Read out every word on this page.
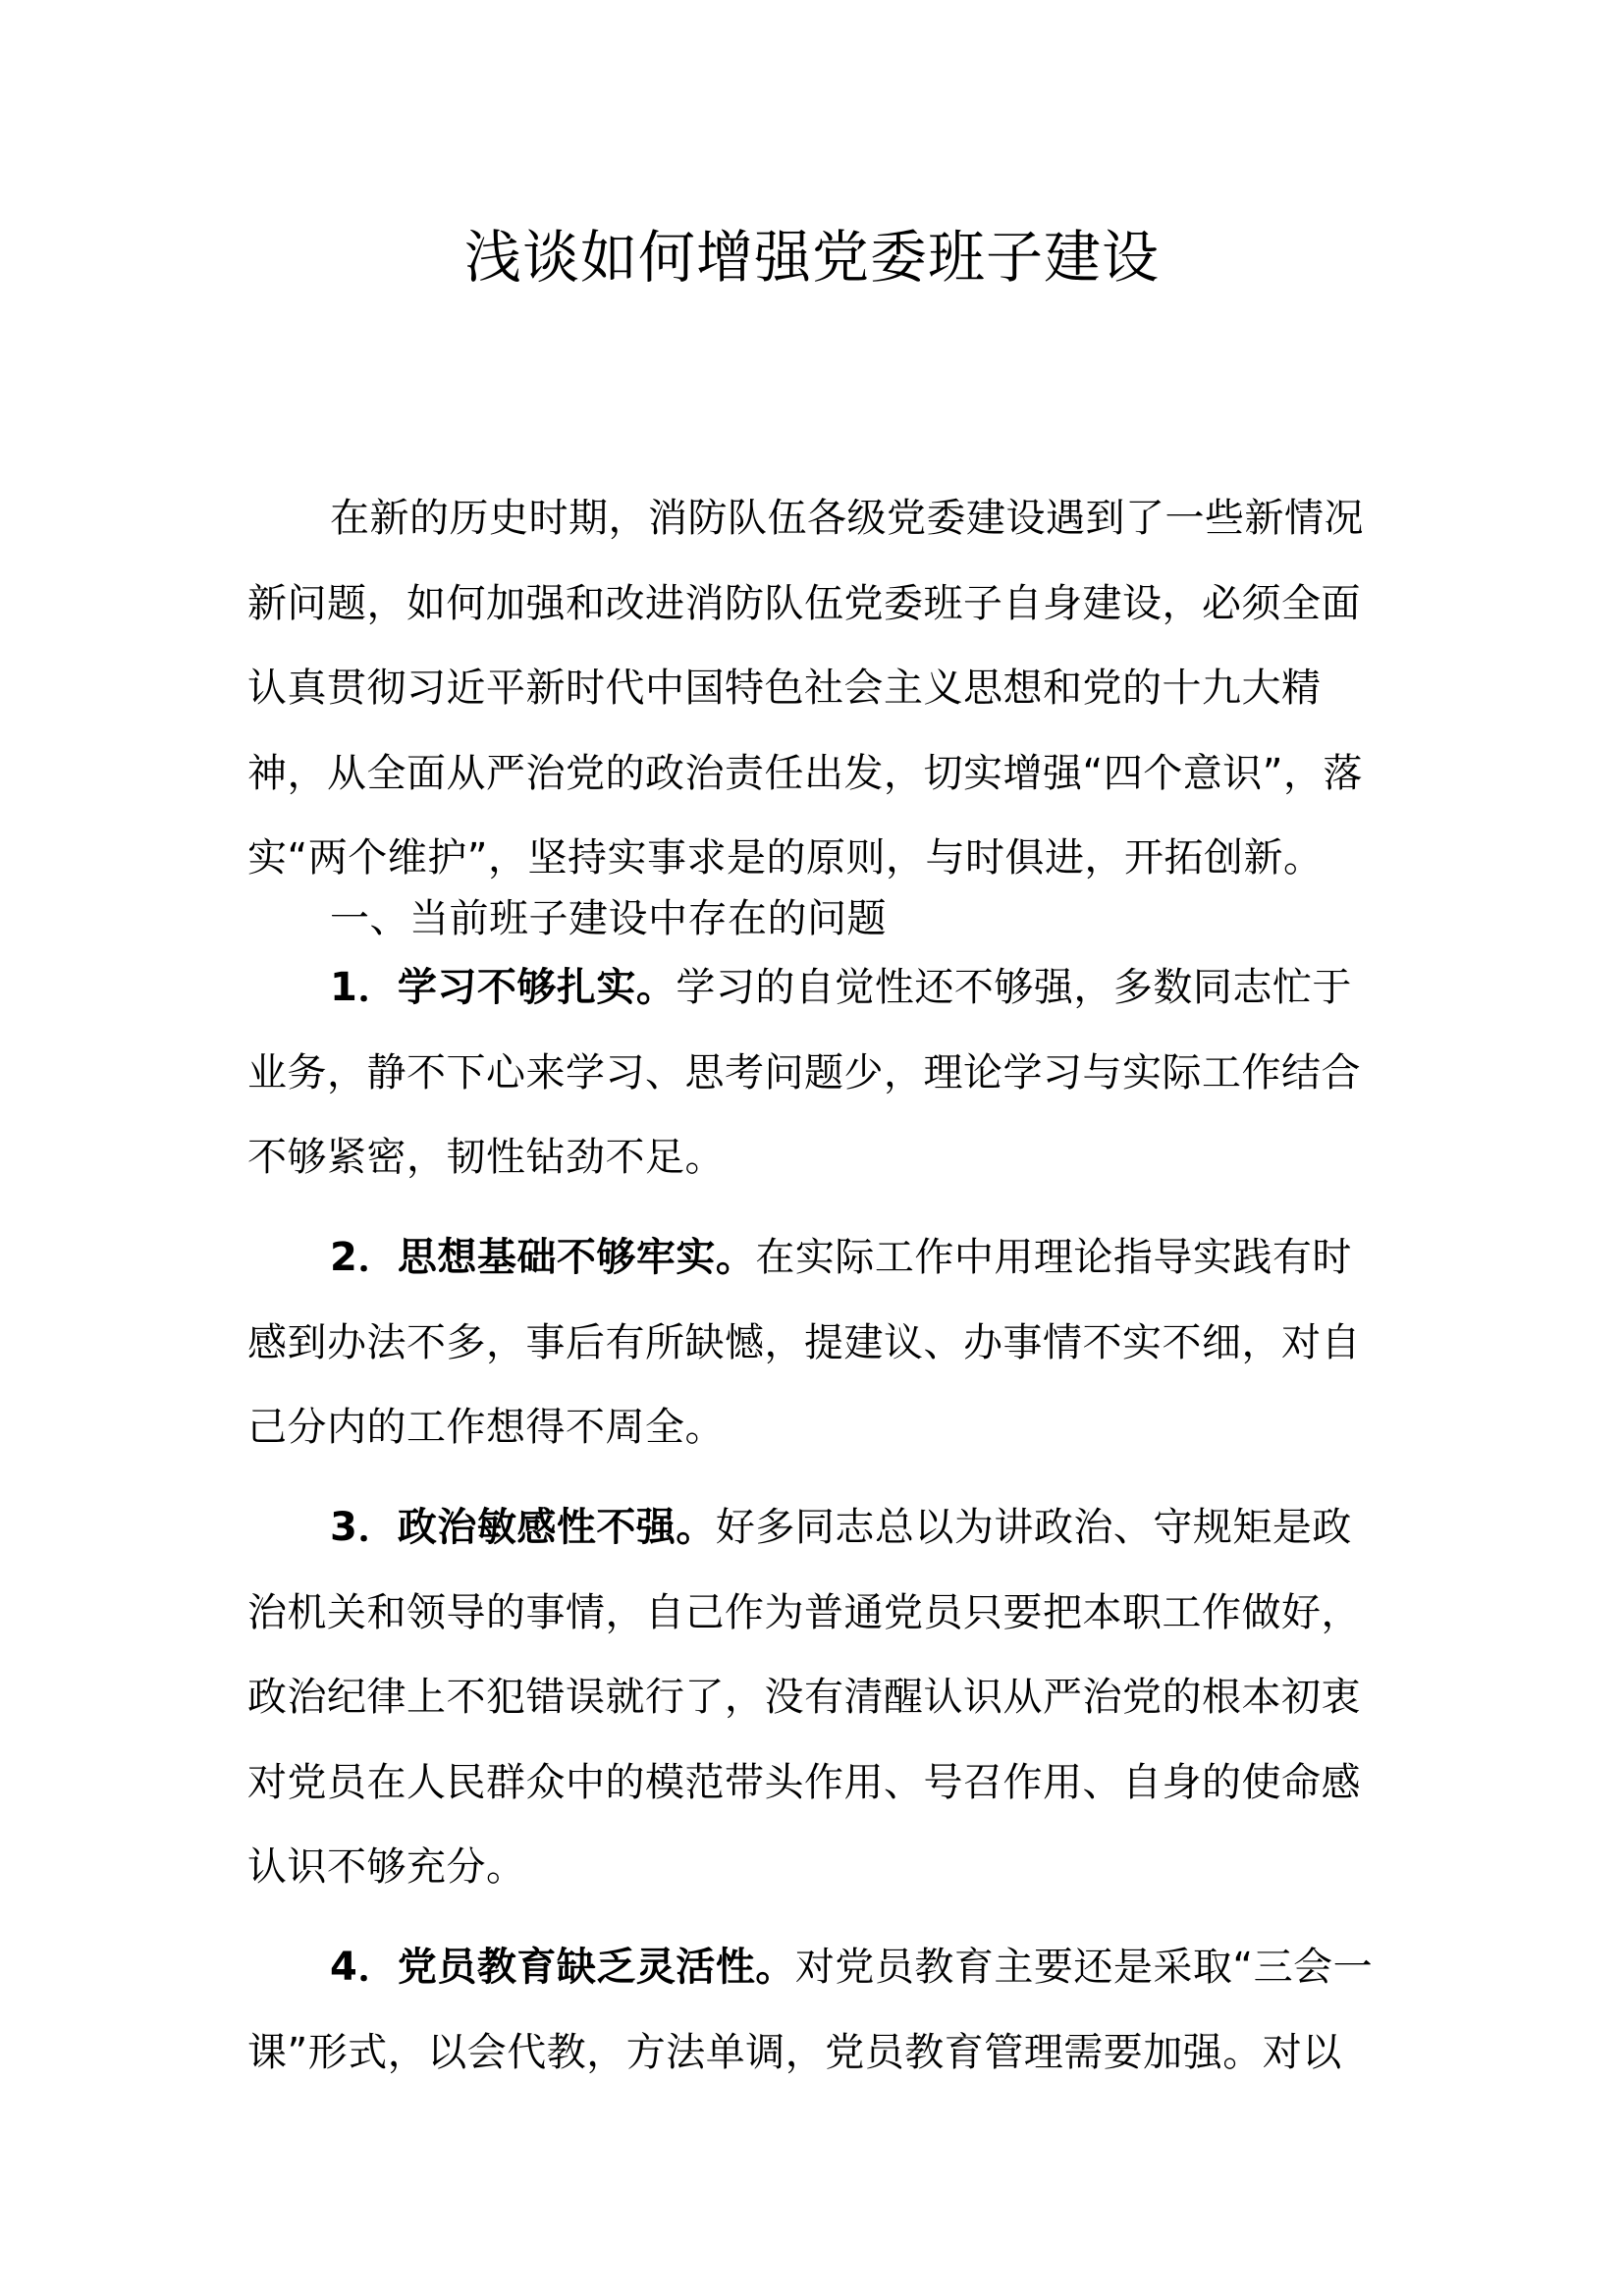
浅谈如何增强党委班子建设

在新的历史时期，消防队伍各级党委建设遇到了一些新情况新问题，如何加强和改进消防队伍党委班子自身建设，必须全面认真贯彻习近平新时代中国特色社会主义思想和党的十九大精神，从全面从严治党的政治责任出发，切实增强“四个意识”，落实“两个维护”，坚持实事求是的原则，与时俱进，开拓创新。

一、当前班子建设中存在的问题

1．学习不够扎实。学习的自觉性还不够强，多数同志忙于业务，静不下心来学习、思考问题少，理论学习与实际工作结合不够紧密，韧性钻劲不足。

2．思想基础不够牢实。在实际工作中用理论指导实践有时感到办法不多，事后有所缺憾，提建议、办事情不实不细，对自己分内的工作想得不周全。

3．政治敏感性不强。好多同志总以为讲政治、守规矩是政治机关和领导的事情，自己作为普通党员只要把本职工作做好，政治纪律上不犯错误就行了，没有清醒认识从严治党的根本初衷对党员在人民群众中的模范带头作用、号召作用、自身的使命感认识不够充分。

4．党员教育缺乏灵活性。对党员教育主要还是采取“三会一课”形式，以会代教，方法单调，党员教育管理需要加强。对以
